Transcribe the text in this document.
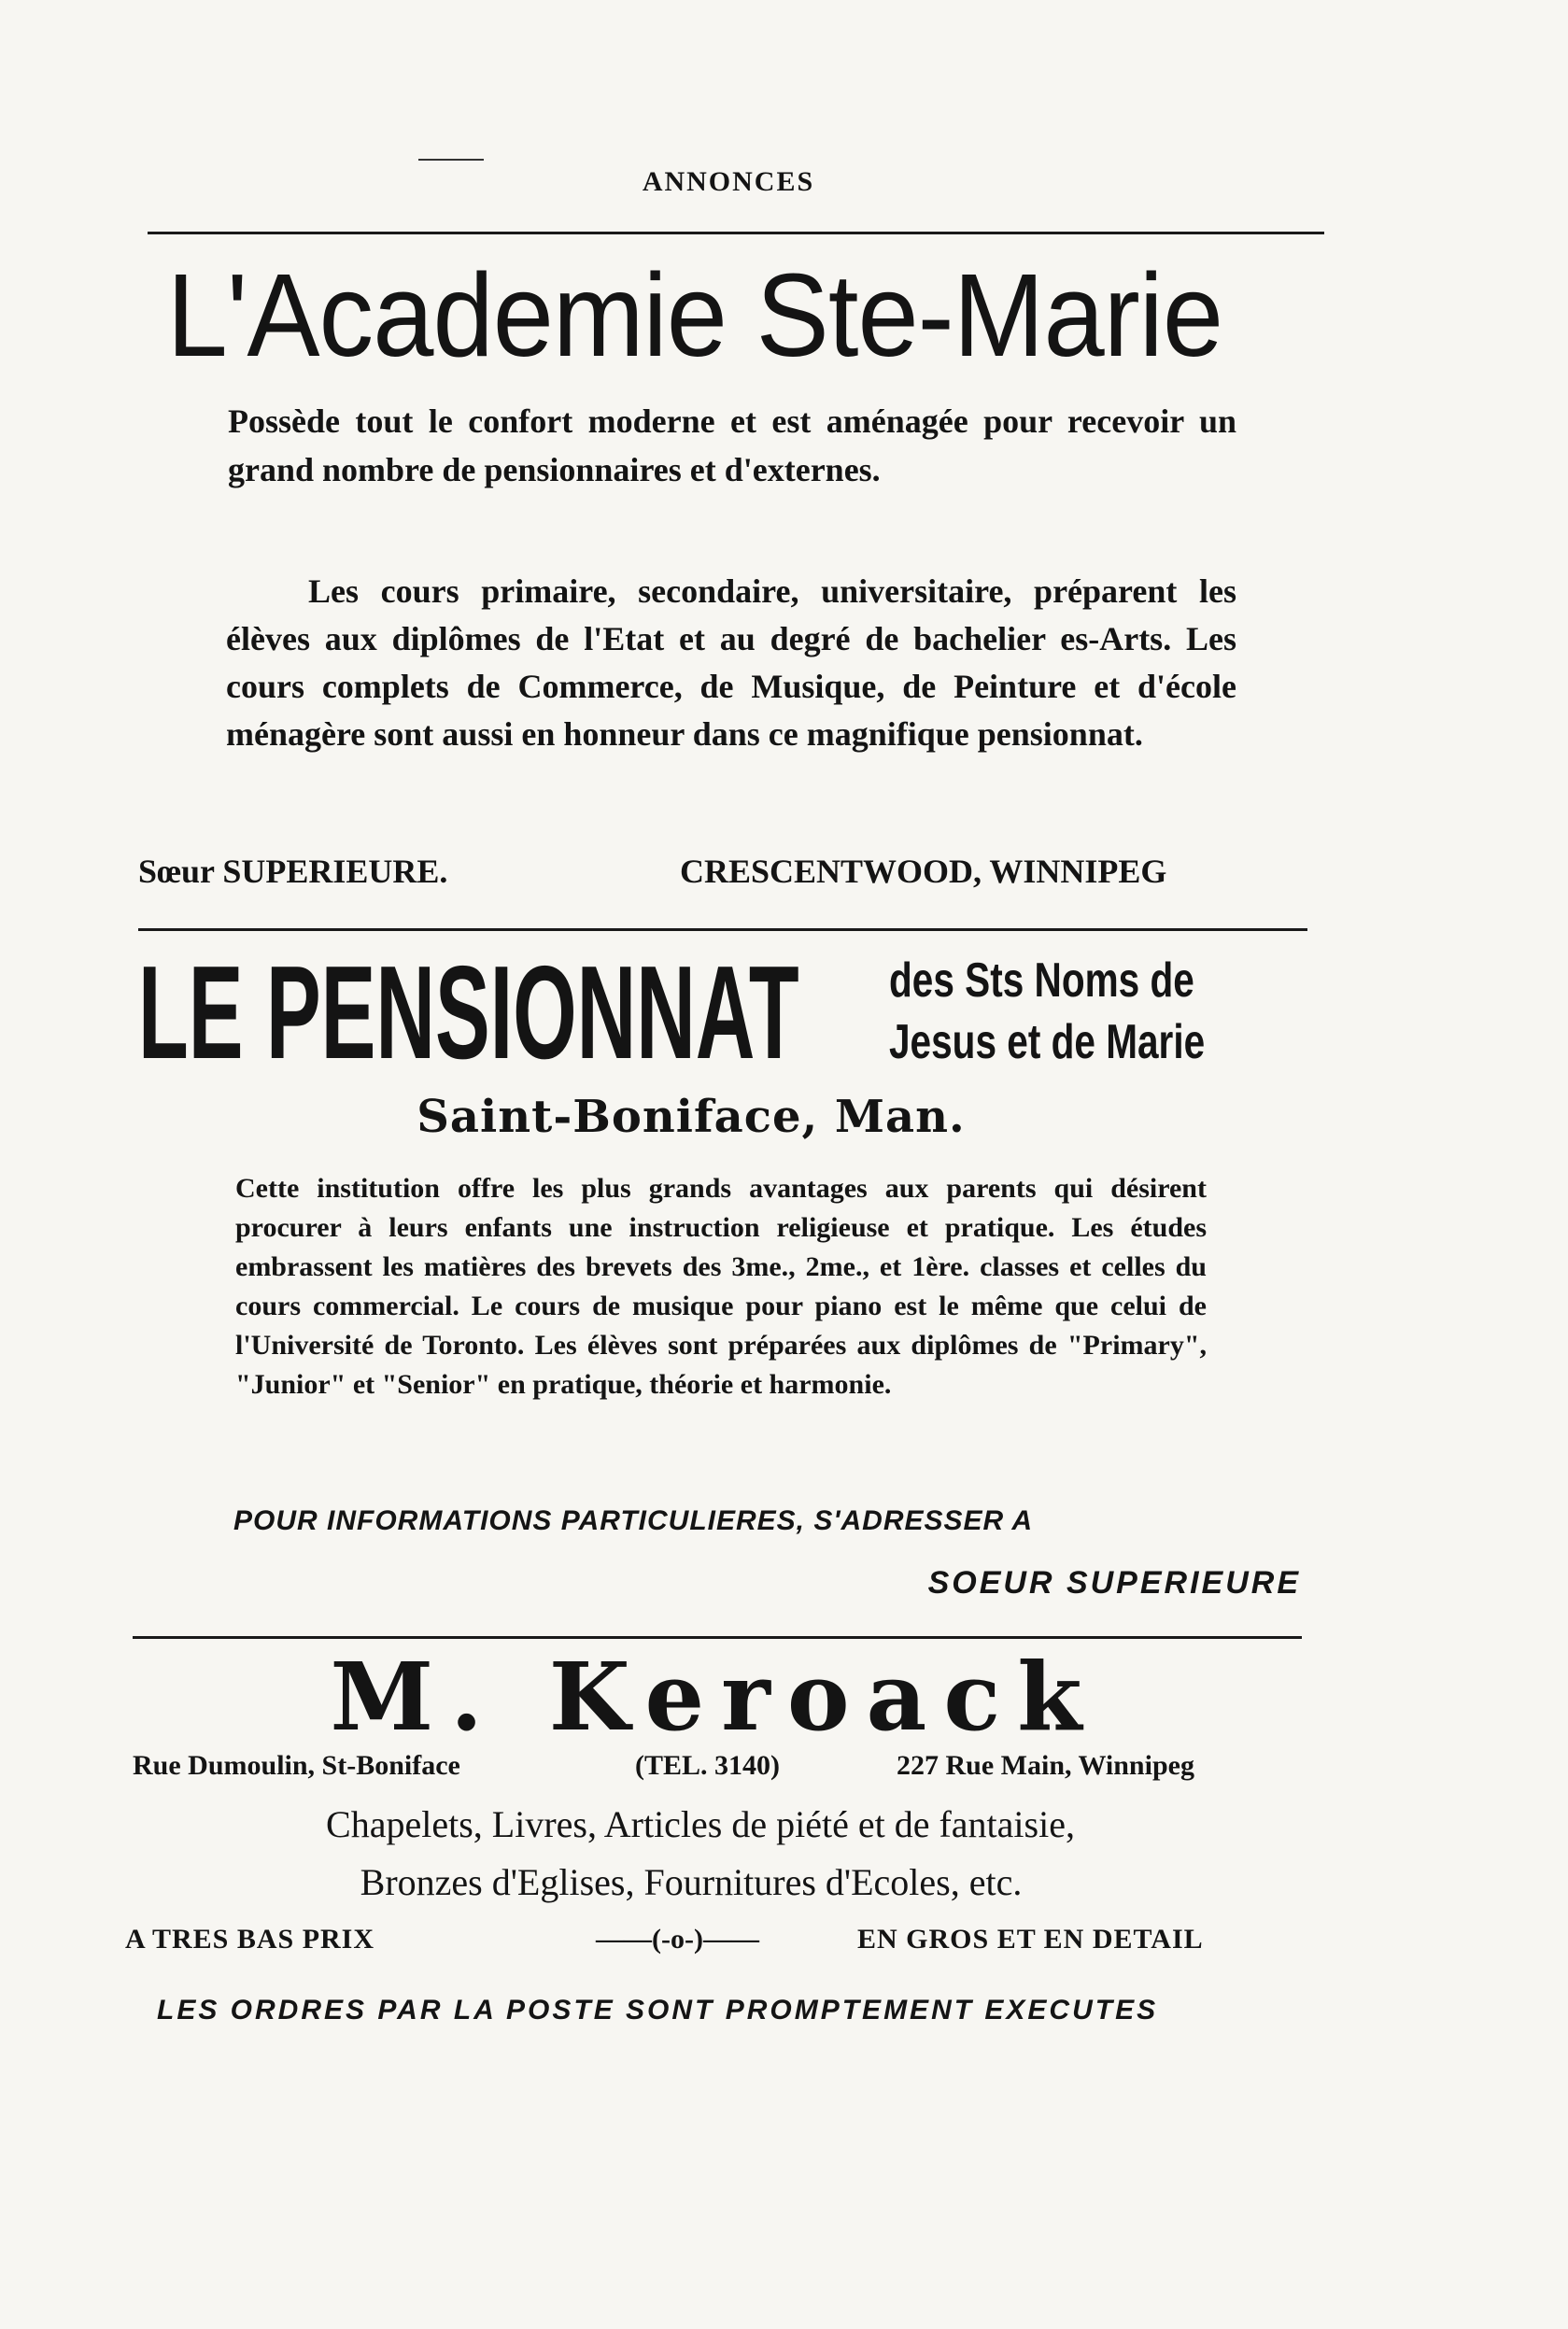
ANNONCES
L'Academie Ste-Marie
Possède tout le confort moderne et est aménagée pour recevoir un grand nombre de pensionnaires et d'externes.
Les cours primaire, secondaire, universitaire, préparent les élèves aux diplômes de l'Etat et au degré de bachelier es-Arts. Les cours complets de Commerce, de Musique, de Peinture et d'école ménagère sont aussi en honneur dans ce magnifique pensionnat.
Sœur SUPERIEURE.	CRESCENTWOOD, WINNIPEG
LE PENSIONNAT des Sts Noms de
Jesus et de Marie
Saint-Boniface, Man.
Cette institution offre les plus grands avantages aux parents qui désirent procurer à leurs enfants une instruction religieuse et pratique. Les études embrassent les matières des brevets des 3me., 2me., et 1ère. classes et celles du cours commercial. Le cours de musique pour piano est le même que celui de l'Université de Toronto. Les élèves sont préparées aux diplômes de "Primary", "Junior" et "Senior" en pratique, théorie et harmonie.
POUR INFORMATIONS PARTICULIERES, S'ADRESSER A
SOEUR SUPERIEURE
M. Keroack
Rue Dumoulin, St-Boniface	(TEL. 3140)	227 Rue Main, Winnipeg
Chapelets, Livres, Articles de piété et de fantaisie,
Bronzes d'Eglises, Fournitures d'Ecoles, etc.
A TRES BAS PRIX	——(-o-)——	EN GROS ET EN DETAIL
LES ORDRES PAR LA POSTE SONT PROMPTEMENT EXECUTES
